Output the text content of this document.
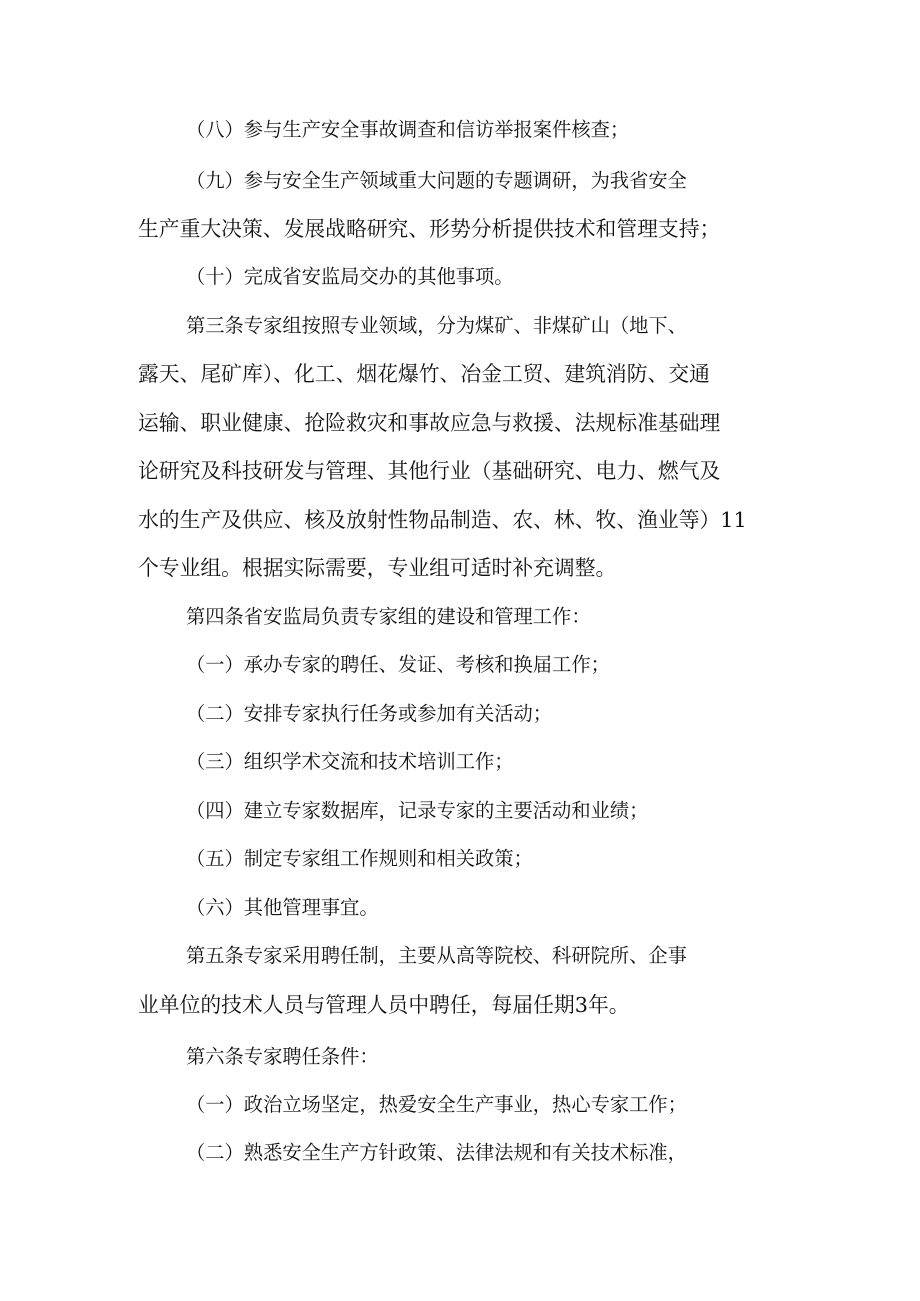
（八）参与生产安全事故调查和信访举报案件核查；
（九）参与安全生产领域重大问题的专题调研，为我省安全
生产重大决策、发展战略研究、形势分析提供技术和管理支持；
（十）完成省安监局交办的其他事项。
第三条专家组按照专业领域，分为煤矿、非煤矿山（地下、
露天、尾矿库）、化工、烟花爆竹、冶金工贸、建筑消防、交通
运输、职业健康、抢险救灾和事故应急与救援、法规标准基础理
论研究及科技研发与管理、其他行业（基础研究、电力、燃气及
水的生产及供应、核及放射性物品制造、农、林、牧、渔业等）11
个专业组。根据实际需要，专业组可适时补充调整。
第四条省安监局负责专家组的建设和管理工作：
（一）承办专家的聘任、发证、考核和换届工作；
（二）安排专家执行任务或参加有关活动；
（三）组织学术交流和技术培训工作；
（四）建立专家数据库，记录专家的主要活动和业绩；
（五）制定专家组工作规则和相关政策；
（六）其他管理事宜。
第五条专家采用聘任制，主要从高等院校、科研院所、企事
业单位的技术人员与管理人员中聘任，每届任期3年。
第六条专家聘任条件：
（一）政治立场坚定，热爱安全生产事业，热心专家工作；
（二）熟悉安全生产方针政策、法律法规和有关技术标准，
